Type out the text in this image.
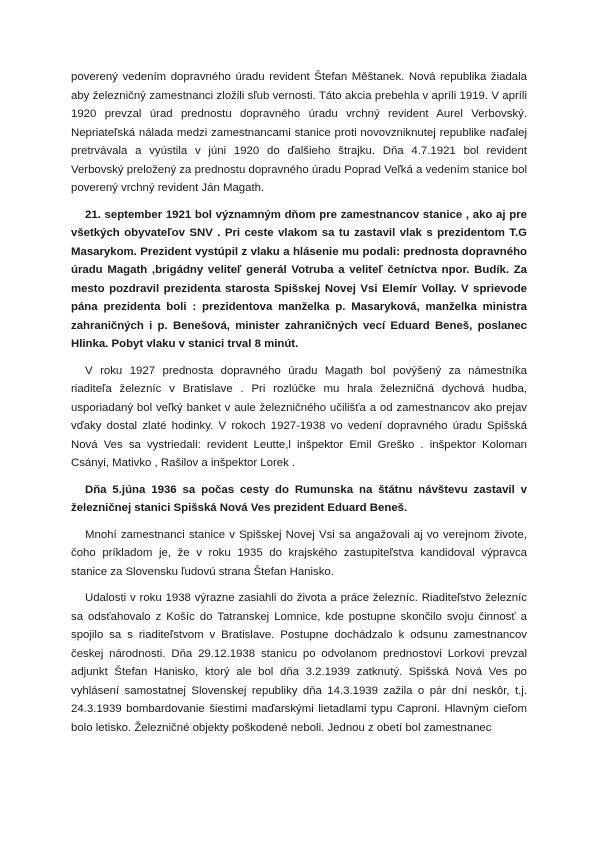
poverený vedením dopravného úradu revident Štefan Měštanek. Nová republika žiadala aby železničný zamestnanci zložili sľub vernosti. Táto akcia prebehla v apríli 1919. V apríli 1920 prevzal úrad prednostu dopravného úradu vrchný revident Aurel Verbovský. Nepriateľská nálada medzi zamestnancami stanice proti novovzniknutej republike naďalej pretrvávala a vyústila v júni 1920 do ďalšieho štrajku. Dňa 4.7.1921 bol revident Verbovský preložený za prednostu dopravného úradu Poprad Veľká a vedením stanice bol poverený vrchný revident Ján Magath.

21. september 1921 bol významným dňom pre zamestnancov stanice , ako aj pre všetkých obyvateľov SNV . Pri ceste vlakom sa tu zastavil vlak s prezidentom T.G Masarykom. Prezident vystúpil z vlaku a hlásenie mu podali: prednosta dopravného úradu Magath ,brigádny veliteľ generál Votruba a veliteľ četníctva npor. Budík. Za mesto pozdravil prezidenta starosta Spišskej Novej Vsi Elemír Vollay. V sprievode pána prezidenta boli : prezidentova manželka p. Masaryková, manželka ministra zahraničných i p. Benešová, minister zahraničných vecí Eduard Beneš, poslanec Hlinka. Pobyt vlaku v stanici trval 8 minút.

V roku 1927 prednosta dopravného úradu Magath bol povýšený za námestníka riaditeľa železníc v Bratislave . Pri rozlúčke mu hrala železničná dychová hudba, usporiadaný bol veľký banket v aule železničného učilišťa a od zamestnancov ako prejav vďaky dostal zlaté hodinky. V rokoch 1927-1938 vo vedení dopravného úradu Spišská Nová Ves sa vystriedali: revident Leutte,l inšpektor Emil Greško . inšpektor Koloman Csányi, Mativko , Rašilov a inšpektor Lorek .

Dňa 5.júna 1936 sa počas cesty do Rumunska na štátnu návštevu zastavil v železničnej stanici Spišská Nová Ves prezident Eduard Beneš.

Mnohí zamestnanci stanice v Spišskej Novej Vsi sa angažovali aj vo verejnom živote, čoho príkladom je, že v roku 1935 do krajského zastupiteľstva kandidoval výpravca stanice za Slovensku ľudovú strana Štefan Hanisko.

Udalosti v roku 1938 výrazne zasiahli do života a práce železníc. Riaditeľstvo železníc sa odsťahovalo z Košíc do Tatranskej Lomnice, kde postupne skončilo svoju činnosť a spojilo sa s riaditeľstvom v Bratislave. Postupne dochádzalo k odsunu zamestnancov českej národnosti. Dňa 29.12.1938 stanicu po odvolanom prednostovi Lorkovi prevzal adjunkt Štefan Hanisko, ktorý ale bol dňa 3.2.1939 zatknutý. Spišská Nová Ves po vyhlásení samostatnej Slovenskej republiky dňa 14.3.1939 zažila o pár dní neskôr, t.j. 24.3.1939 bombardovanie šiestimi maďarskými lietadlami typu Caproni. Hlavným cieľom bolo letisko. Železničné objekty poškodené neboli. Jednou z obetí bol zamestnanec
